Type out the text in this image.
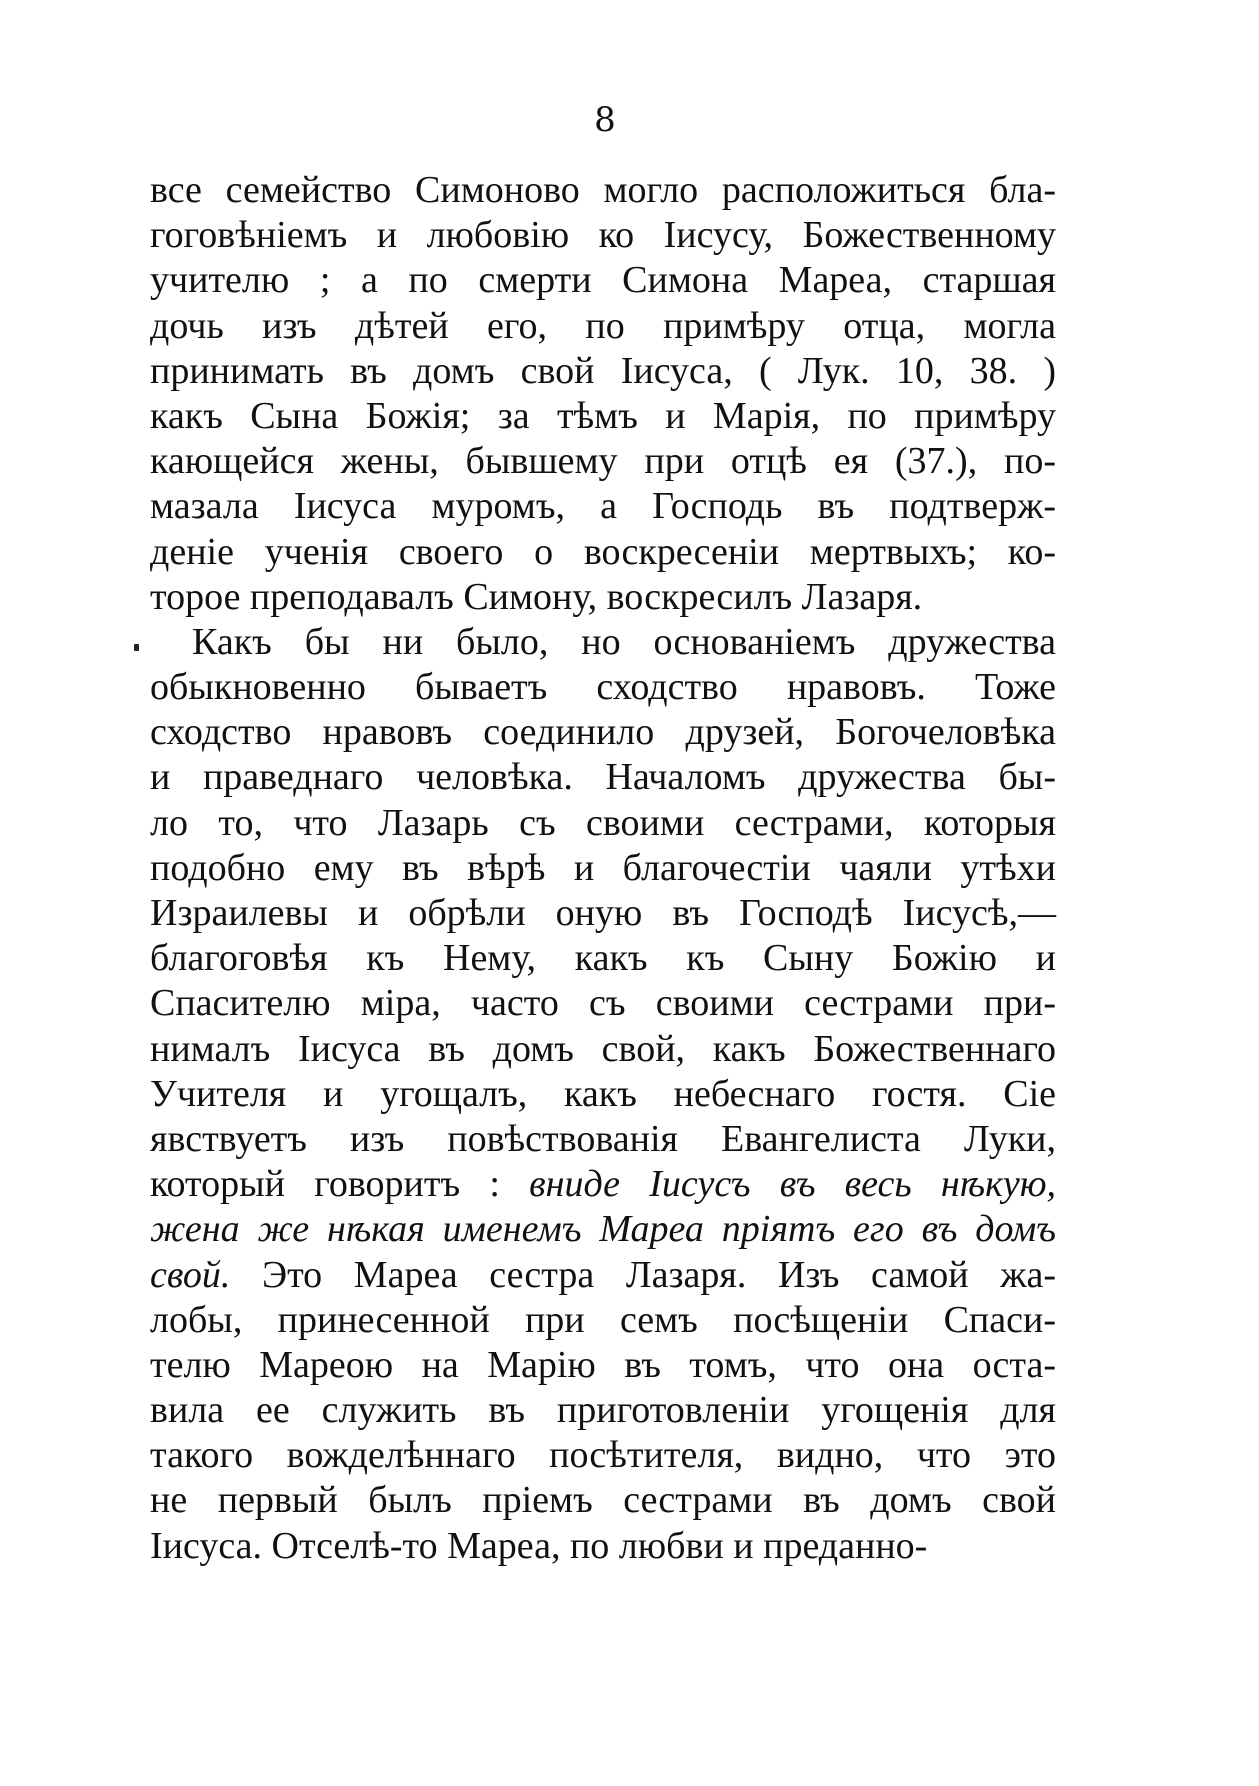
8
все семейство Симоново могло расположиться бла-
гоговѣніемъ и любовію ко Іисусу, Божественному
учителю ; а по смерти Симона Мареа, старшая
дочь изъ дѣтей его, по примѣру отца, могла
принимать въ домъ свой Іисуса, ( Лук. 10, 38. )
какъ Сына Божія; за тѣмъ и Марія, по примѣру
кающейся жены, бывшему при отцѣ ея (37.), по-
мазала Іисуса муромъ, а Господь въ подтверж-
деніе ученія своего о воскресеніи мертвыхъ; ко-
торое преподавалъ Симону, воскресилъ Лазаря.
Какъ бы ни было, но основаніемъ дружества
обыкновенно бываетъ сходство нравовъ. Тоже
сходство нравовъ соединило друзей, Богочеловѣка
и праведнаго человѣка. Началомъ дружества бы-
ло то, что Лазарь съ своими сестрами, которыя
подобно ему въ вѣрѣ и благочестіи чаяли утѣхи
Израилевы и обрѣли оную въ Господѣ Іисусѣ,—
благоговѣя къ Нему, какъ къ Сыну Божію и
Спасителю міра, часто съ своими сестрами при-
нималъ Іисуса въ домъ свой, какъ Божественнаго
Учителя и угощалъ, какъ небеснаго гостя. Сіе
явствуетъ изъ повѣствованія Евангелиста Луки,
который говоритъ : вниде Іисусъ въ весь нѣкую,
жена же нѣкая именемъ Мареа пріятъ его въ домъ
свой. Это Мареа сестра Лазаря. Изъ самой жа-
лобы, принесенной при семъ посѣщеніи Спаси-
телю Мареою на Марію въ томъ, что она оста-
вила ее служить въ приготовленіи угощенія для
такого вожделѣннаго посѣтителя, видно, что это
не первый былъ пріемъ сестрами въ домъ свой
Іисуса. Отселѣ-то Мареа, по любви и преданно-
